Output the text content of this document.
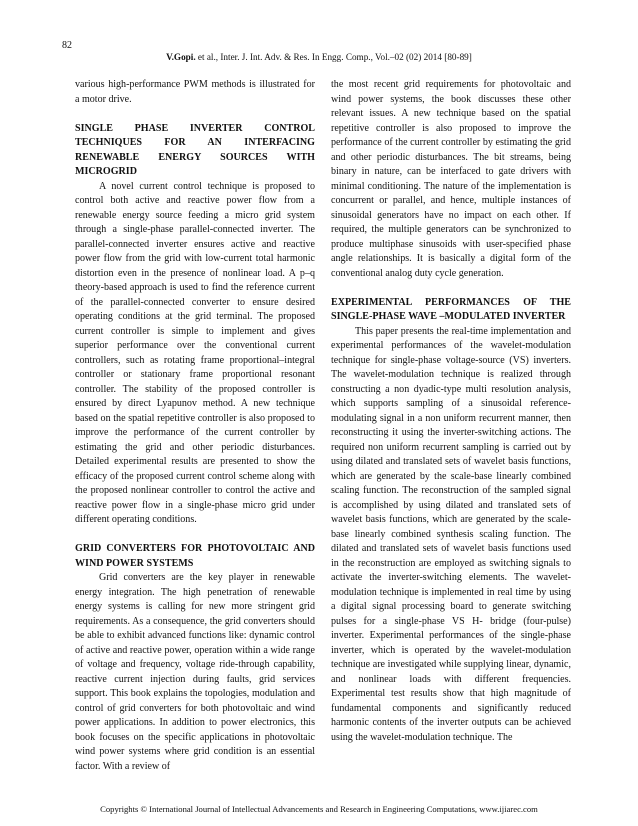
82
V.Gopi. et al., Inter. J. Int. Adv. & Res. In Engg. Comp., Vol.–02 (02) 2014 [80-89]

various high-performance PWM methods is illustrated for a motor drive.

SINGLE PHASE INVERTER CONTROL TECHNIQUES FOR AN INTERFACING RENEWABLE ENERGY SOURCES WITH MICROGRID

A novel current control technique is proposed to control both active and reactive power flow from a renewable energy source feeding a micro grid system through a single-phase parallel-connected inverter. The parallel-connected inverter ensures active and reactive power flow from the grid with low-current total harmonic distortion even in the presence of nonlinear load. A p–q theory-based approach is used to find the reference current of the parallel-connected converter to ensure desired operating conditions at the grid terminal. The proposed current controller is simple to implement and gives superior performance over the conventional current controllers, such as rotating frame proportional–integral controller or stationary frame proportional resonant controller. The stability of the proposed controller is ensured by direct Lyapunov method. A new technique based on the spatial repetitive controller is also proposed to improve the performance of the current controller by estimating the grid and other periodic disturbances. Detailed experimental results are presented to show the efficacy of the proposed current control scheme along with the proposed nonlinear controller to control the active and reactive power flow in a single-phase micro grid under different operating conditions.

GRID CONVERTERS FOR PHOTOVOLTAIC AND WIND POWER SYSTEMS

Grid converters are the key player in renewable energy integration. The high penetration of renewable energy systems is calling for new more stringent grid requirements. As a consequence, the grid converters should be able to exhibit advanced functions like: dynamic control of active and reactive power, operation within a wide range of voltage and frequency, voltage ride-through capability, reactive current injection during faults, grid services support. This book explains the topologies, modulation and control of grid converters for both photovoltaic and wind power applications. In addition to power electronics, this book focuses on the specific applications in photovoltaic wind power systems where grid condition is an essential factor. With a review of

the most recent grid requirements for photovoltaic and wind power systems, the book discusses these other relevant issues. A new technique based on the spatial repetitive controller is also proposed to improve the performance of the current controller by estimating the grid and other periodic disturbances. The bit streams, being binary in nature, can be interfaced to gate drivers with minimal conditioning. The nature of the implementation is concurrent or parallel, and hence, multiple instances of sinusoidal generators have no impact on each other. If required, the multiple generators can be synchronized to produce multiphase sinusoids with user-specified phase angle relationships. It is basically a digital form of the conventional analog duty cycle generation.

EXPERIMENTAL PERFORMANCES OF THE SINGLE-PHASE WAVE –MODULATED INVERTER

This paper presents the real-time implementation and experimental performances of the wavelet-modulation technique for single-phase voltage-source (VS) inverters. The wavelet-modulation technique is realized through constructing a non dyadic-type multi resolution analysis, which supports sampling of a sinusoidal reference-modulating signal in a non uniform recurrent manner, then reconstructing it using the inverter-switching actions. The required non uniform recurrent sampling is carried out by using dilated and translated sets of wavelet basis functions, which are generated by the scale-base linearly combined scaling function. The reconstruction of the sampled signal is accomplished by using dilated and translated sets of wavelet basis functions, which are generated by the scale-base linearly combined synthesis scaling function. The dilated and translated sets of wavelet basis functions used in the reconstruction are employed as switching signals to activate the inverter-switching elements. The wavelet-modulation technique is implemented in real time by using a digital signal processing board to generate switching pulses for a single-phase VS H- bridge (four-pulse) inverter. Experimental performances of the single-phase inverter, which is operated by the wavelet-modulation technique are investigated while supplying linear, dynamic, and nonlinear loads with different frequencies. Experimental test results show that high magnitude of fundamental components and significantly reduced harmonic contents of the inverter outputs can be achieved using the wavelet-modulation technique. The

Copyrights © International Journal of Intellectual Advancements and Research in Engineering Computations, www.ijiarec.com
